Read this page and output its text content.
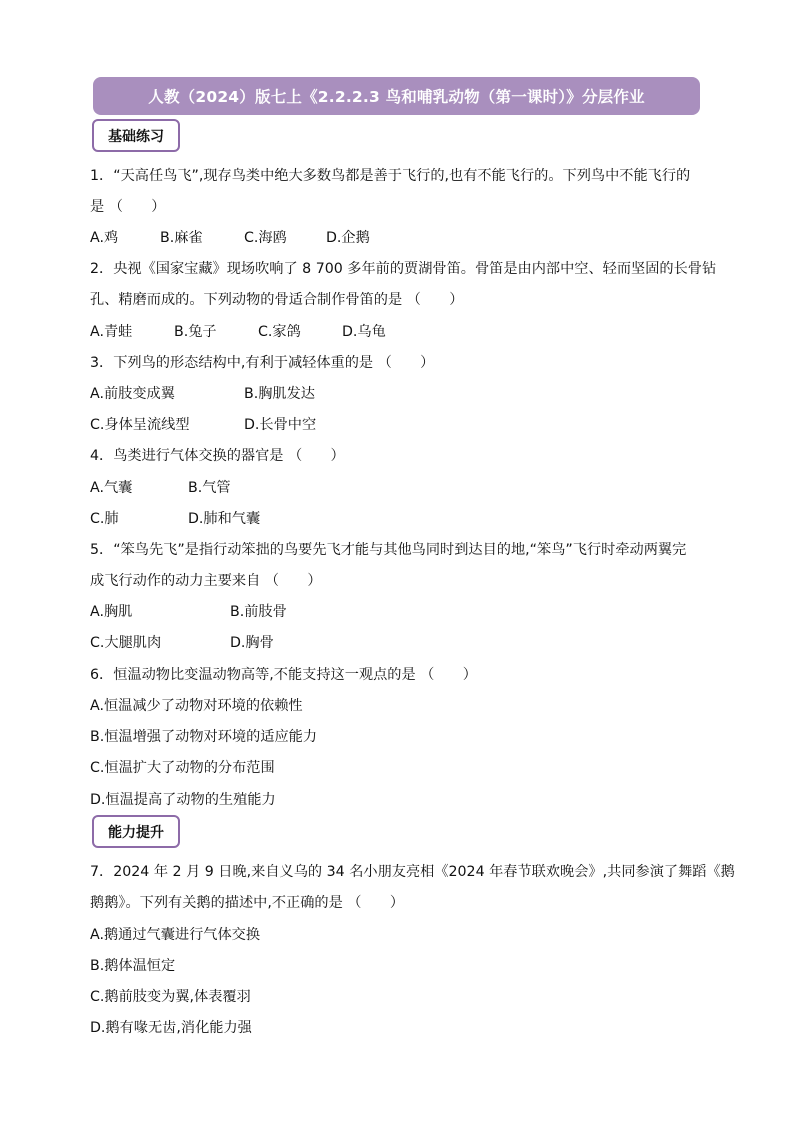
人教（2024）版七上《2.2.2.3 鸟和哺乳动物（第一课时）》分层作业
基础练习
1．“天高任鸟飞”,现存鸟类中绝大多数鸟都是善于飞行的,也有不能飞行的。下列鸟中不能飞行的
是 （　　）
A.鸡	B.麻雀	C.海鸥	D.企鹅
2．央视《国家宝藏》现场吹响了 8 700 多年前的贾湖骨笛。骨笛是由内部中空、轻而坚固的长骨钻
孔、精磨而成的。下列动物的骨适合制作骨笛的是 （　　）
A.青蛙	B.兔子	C.家鸽	D.乌龟
3．下列鸟的形态结构中,有利于减轻体重的是 （　　）
A.前肢变成翼	B.胸肌发达
C.身体呈流线型	D.长骨中空
4．鸟类进行气体交换的器官是 （　　）
A.气囊	B.气管
C.肺	D.肺和气囊
5．“笨鸟先飞”是指行动笨拙的鸟要先飞才能与其他鸟同时到达目的地,“笨鸟”飞行时牵动两翼完
成飞行动作的动力主要来自 （　　）
A.胸肌	B.前肢骨
C.大腿肌肉	D.胸骨
6．恒温动物比变温动物高等,不能支持这一观点的是 （　　）
A.恒温减少了动物对环境的依赖性
B.恒温增强了动物对环境的适应能力
C.恒温扩大了动物的分布范围
D.恒温提高了动物的生殖能力
能力提升
7．2024 年 2 月 9 日晚,来自义乌的 34 名小朋友亮相《2024 年春节联欢晚会》,共同参演了舞蹈《鹅
鹅鹅》。下列有关鹅的描述中,不正确的是 （　　）
A.鹅通过气囊进行气体交换
B.鹅体温恒定
C.鹅前肢变为翼,体表覆羽
D.鹅有喙无齿,消化能力强
